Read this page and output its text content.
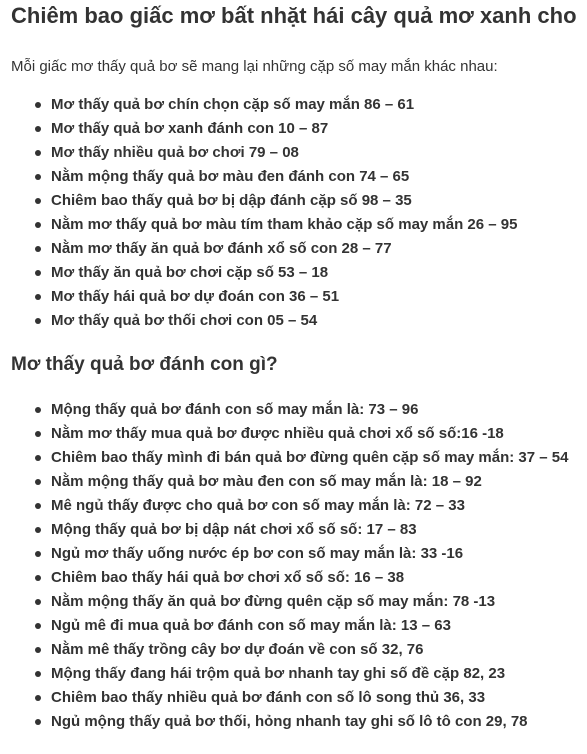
Chiêm bao giấc mơ bất nhặt hái cây quả mơ xanh cho

Mỗi giấc mơ thấy quả bơ sẽ mang lại những cặp số may mắn khác nhau:

Mơ thấy quả bơ chín chọn cặp số may mắn 86 – 61
Mơ thấy quả bơ xanh đánh con 10 – 87
Mơ thấy nhiều quả bơ chơi 79 – 08
Nằm mộng thấy quả bơ màu đen đánh con 74 – 65
Chiêm bao thấy quả bơ bị dập đánh cặp số 98 – 35
Nằm mơ thấy quả bơ màu tím tham khảo cặp số may mắn 26 – 95
Nằm mơ thấy ăn quả bơ đánh xổ số con 28 – 77
Mơ thấy ăn quả bơ chơi cặp số 53 – 18
Mơ thấy hái quả bơ dự đoán con 36 – 51
Mơ thấy quả bơ thối chơi con 05 – 54
Mơ thấy quả bơ đánh con gì?
Mộng thấy quả bơ đánh con số may mắn là: 73 – 96
Nằm mơ thấy mua quả bơ được nhiều quả chơi xổ số số:16 -18
Chiêm bao thấy mình đi bán quả bơ đừng quên cặp số may mắn: 37 – 54
Nằm mộng thấy quả bơ màu đen con số may mắn là: 18 – 92
Mê ngủ thấy được cho quả bơ con số may mắn là: 72 – 33
Mộng thấy quả bơ bị dập nát chơi xổ số số: 17 – 83
Ngủ mơ thấy uống nước ép bơ con số may mắn là: 33 -16
Chiêm bao thấy hái quả bơ chơi xổ số số: 16 – 38
Nằm mộng thấy ăn quả bơ đừng quên cặp số may mắn: 78 -13
Ngủ mê đi mua quả bơ đánh con số may mắn là: 13 – 63
Nằm mê thấy trồng cây bơ dự đoán về con số 32, 76
Mộng thấy đang hái trộm quả bơ nhanh tay ghi số đề cặp 82, 23
Chiêm bao thấy nhiều quả bơ đánh con số lô song thủ 36, 33
Ngủ mộng thấy quả bơ thối, hỏng nhanh tay ghi số lô tô con 29, 78
